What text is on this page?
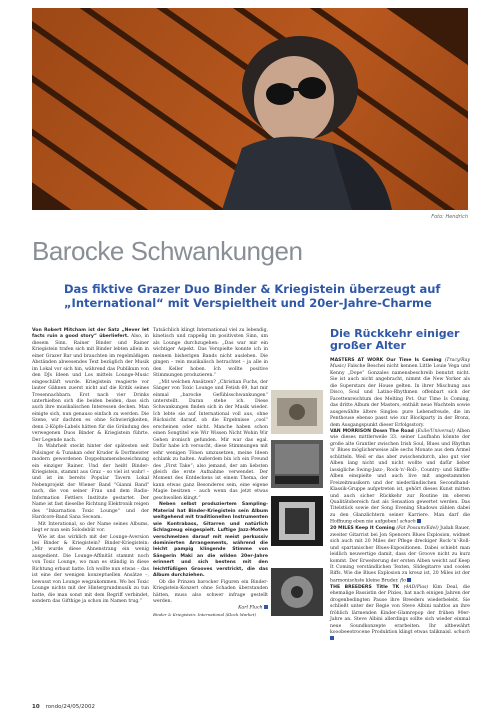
Foto: Hendrich
Barocke Schwankungen
Das fiktive Grazer Duo Binder & Kriegistein überzeugt auf „International“ mit Verspieltheit und 20er-Jahre-Charme

Von Robert Mitcham ist der Satz „Never let facts ruin a good story“ überliefert. Also, in diesem Sinn. Rainer Binder und Rainer Kriegistein trafen sich mit Binder lebten allein in einer Grazer Bar und brauchten im regelmäßigen Abständen abwesendes Text bezüglich der Musik im Lokal vor sich hin, während das Publikum von den DJs Ideen und Los mittels Lounge-Music eingeschläft wurde. Kriegistein reagierte vor lauter Gähnen zuerst nicht auf die Kritik seines Tresennachbarn. Erst nach vier Drinks unterhielten sich die beiden beiden, dass sich auch ihre musikalischen Interessen decken. Man einigte sich, nun genauso einfach zu werden. Die Szene, wir dachten es ohne Schwierigkeiten, denn 2-Köpfe-Labels hätten für die Gründung des verwegenen Duos Binder & Kriegistein führte. Der Legende nach.

In Wahrheit steckt hinter der spätesten seit Pulsinger & Tunakan oder Kruder & Dorfmeister modern gewordenen Doppelnamensbezeichnung ein einziger Rainer. Und der heißt Binder-Kriegistein, stammt aus Graz – so viel ist wahr! – und ist im bereits Popular Tavern Lokal Nebenprojekt der Wiener Band "Gianni Band" nach, die von seiner Frau und dem Radio-Information Fettlers Institute gestartet. Der Name ist fast dieselbe Richtung Elektronik reigen des "Inkarnation Toxic Lounge" und der Hardcore-Band Sana Seceam.

Mit Interational, so der Name seines Albums, liegt er nun sein Solodebüt vor.

Wie ist das wirklich mit der Lounge-Aversion bei Binder & Kriegistein? Binder-Kriegistein: „Mir wurde diese Ahnenstrang ein wenig ausgedient. Die Lounge-Affinität stammt noch von Toxic Lounge, wo man es ständig in diese Richtung erbaut hatte. Ich wollte nun etwas – das ist eine der wenigen konzeptuellen Ansätze –, bewusst von Lounge wegzukommen. Wo bei Toxic Lounge nichts mit der Hintergrundmusik zu tun hatte, die man sonst mit dem Begriff verbindet, sondern das Gifthige ja schon im Namen trug.“

Tatsächlich klingt International viel zu lebendig, kinetisch und rappelig im positivsten Sinn, um als Lounge durchzugehen: „Das war mir ein wichtiger Aspekt. Das Verspielte konnte ich in meinem bisherigen Bands nicht ausleben. Die gingen – rein musikalisch betrachtet – ja alle in den Keller hoben. Ich wollte positive Stimmungen produzieren.“

„Mit welchen Ansätzen? „Christian Fuchs, der Sänger von Toxic Lounge und Fetish 69, hat mir einmal „barocke Gefühlsschwankungen“ unterstellt. Daran stehe ich. Diese Schwankungen finden sich in der Musik wieder. Ich lebte sie auf International voll aus, ohne Rücksicht darauf, ob die Ergebnisse „cool“ erscheinen oder nicht. Manche haben schon einen Songtitel wie Wir Wissen Nicht Wohin Wir Gehen ironisch gefunden. Mir war das egal. Dafür habe ich versucht, diese Stimmungen mit sehr wenigen Tönen umzusetzen, meine Ideen schlank zu halten. Außerdem bin ich ein Freund des „First Take“; also jemand, der am liebsten gleich die erste Aufnahme verwendet. Der Moment des Entdeckens ist einem Thema, der kann etwas ganz Besonderes sein, eine eigene Magie besitzen – auch wenn das jetzt etwas geschwollen klingt.“

Neben selbst produziertem Sampling-Material hat Binder-Kriegistein sein Album weitgehend mit traditionellen Instrumenten wie Kontrabass, Gitarren und natürlich Schlagzeug eingespielt. Luftige Jazz-Motive verschmelzen darauf mit meist perkussiv dominierten Arrangements, während die leicht pampig klingende Stimme von Sängerin Maki an die wilden 20er-Jahre erinnert und sich bestens mit den leichtfüßigen Grooves verstrickt, die das Album durchziehen.

Ob die Prinzen barocker Figuren ein Binder-Kriegistein-Konzert ohne Schaden überstanden hätten, muss also schwer infrage gestellt werden.

Karl Fluch

Binder & Kriegistein: International (Klock Market)

Die Rückkehr einiger großer Alter

MASTERS AT WORK Our Time Is Coming (Tracy/Ray Music) Falsche Beschei nicht kennen Little Louie Vega und Kenny „Dope“ Gonzales namensbeschreib benutzt nicht. Sie ist auch nicht angebracht, nimmt die New Yorker als die Superstars der House gelten. In ihrer Mischung aus Disco, Soul und Latino-Rhythmen offenbart sich der Facettenreichtum des Melting Pot. Our Time Is Coming, das dritte Album der Masters, enthält neue Wachteln sowie ausgewählte ältere Singles: pure Lebensfreude, die im Penthouse ebenso passt wie zur Blockparty in der Bronx, dem Ausgangspunkt dieser Erfolgsstory.

VAN MORRISON Down The Road (Exile/Universal) Alben wie dieses mittlerweile 33. seiner Laufbahn könnte der große alte Grantler zwischen Irish Soul, Blues und Rhythm 'n' Blues möglicherweise alle sechs Monate aus dem Ärmel schütteln. Weil er das aber zwischendurch, also gut vier Alben lang nicht und nicht wollte und dafür lieber lassigliche Swing-Jazz-, Rock-'n'-Roll-, Country- und Skiffle-Alben einspielte und auch live mit angestammten Freizeitmusikern und der niederländischen Secondhand-Klassik-Gruppe aufgetreten ist, gehört dieses Kunst mitten und auch sicher Rückkehr zur Routine im oberen Qualitätsbereich fast als Sensation gewertet werden. Das Titelstück sowie der Song Evening Shadows zählen dabei zu den Glanzlichtern seiner Karriere. Man darf die Hoffnung eben nie aufgeben! schach

20 MILES Keep It Coming (Fat Possum/Edel) Judah Bauer, zweiter Gitarrist bei Jon Spencers Blues Explosion, widmet sich auch mit 20 Miles der Pflege dreckiger Rock-'n'-Roll- und spartanischer Blues-Expositionen. Dabei schiebt man leidlich neuwertige damit, dass der Groove nicht zu kurz kommt. Der Erweiterung der ersten Alben weicht auf Keep It Coming verständlichen Texten, Slidegitarre und coolen Riffs. Wie die Blues Explosion zu kreuz ist, 20 Miles ist der harmonischste kleine Bruder. flo

THE BREEDERS Title TK (4AD/Pias) Kim Deal, die ehemalige Bassistin der Pixies, hat nach einigen Jahren der drogenbedingten Pause ihre Breeders wiederbelebt. Sie schließt unter der Regie von Steve Albini nahtlos an ihre fröhlich lärmenden Kinder-Glamrepop der frühen 90er-Jahre an. Steve Albini allerdings sollte sich wieder einmal neue Soundkonzepte erarbeiten. Ihr altbewährt kooobeeotrocene Produktion klingt etwas taliknaisl. schach

10 rondo/24/05/2002
